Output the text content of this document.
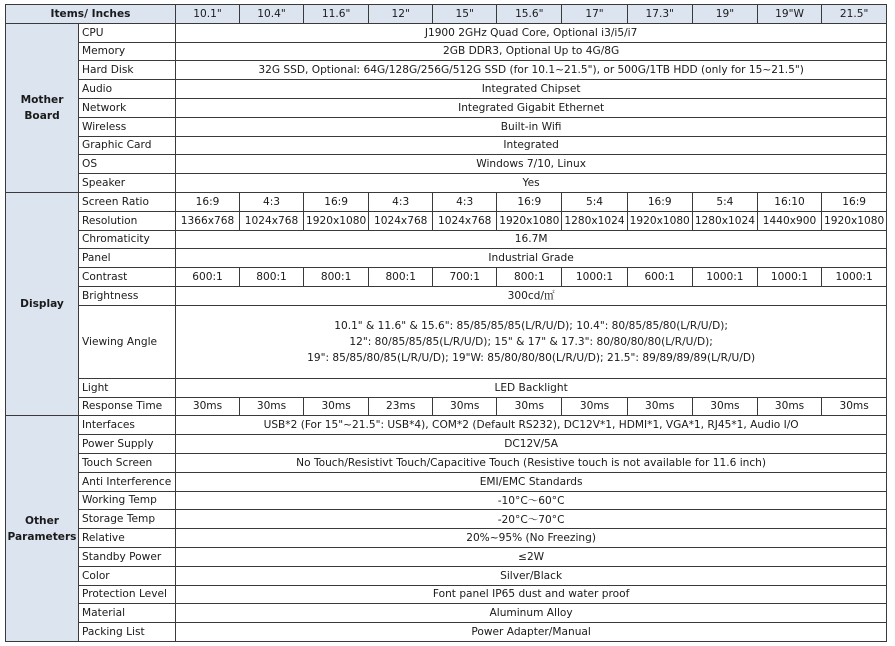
Items/ Inches		10.1"	10.4"	11.6"	12"	15"	15.6"	17"	17.3"	19"	19"W	21.5"
Mother Board	CPU	J1900 2GHz Quad Core, Optional i3/i5/i7										
	Memory	2GB DDR3, Optional Up to 4G/8G										
	Hard Disk	32G SSD, Optional: 64G/128G/256G/512G SSD (for 10.1~21.5"), or 500G/1TB HDD (only for 15~21.5")										
	Audio	Integrated Chipset										
	Network	Integrated Gigabit Ethernet										
	Wireless	Built-in Wifi										
	Graphic Card	Integrated										
	OS	Windows 7/10, Linux										
	Speaker	Yes										
Display	Screen Ratio	16:9	4:3	16:9	4:3	4:3	16:9	5:4	16:9	5:4	16:10	16:9
	Resolution	1366x768	1024x768	1920x1080	1024x768	1024x768	1920x1080	1280x1024	1920x1080	1280x1024	1440x900	1920x1080
	Chromaticity	16.7M										
	Panel	Industrial Grade										
	Contrast	600:1	800:1	800:1	800:1	700:1	800:1	1000:1	600:1	1000:1	1000:1	1000:1
	Brightness	300cd/㎡										
	Viewing Angle	10.1" & 11.6" & 15.6": 85/85/85/85(L/R/U/D); 10.4": 80/85/85/80(L/R/U/D);
12": 80/85/85/85(L/R/U/D); 15" & 17" & 17.3": 80/80/80/80(L/R/U/D);
19": 85/85/80/85(L/R/U/D); 19"W: 85/80/80/80(L/R/U/D); 21.5": 89/89/89/89(L/R/U/D)										

	Light	LED Backlight										
	Response Time	30ms	30ms	30ms	23ms	30ms	30ms	30ms	30ms	30ms	30ms	30ms
Other Parameters	Interfaces	USB*2 (For 15"~21.5": USB*4), COM*2 (Default RS232), DC12V*1, HDMI*1, VGA*1, RJ45*1, Audio I/O										
	Power Supply	DC12V/5A										
	Touch Screen	No Touch/Resistivt Touch/Capacitive Touch (Resistive touch is not available for 11.6 inch)										
	Anti Interference	EMI/EMC Standards										
	Working Temp	-10°C～60°C										
	Storage Temp	-20°C～70°C										
	Relative	20%~95% (No Freezing)										
	Standby Power	≤2W										
	Color	Silver/Black										
	Protection Level	Font panel IP65 dust and water proof										
	Material	Aluminum Alloy										
	Packing List	Power Adapter/Manual										
